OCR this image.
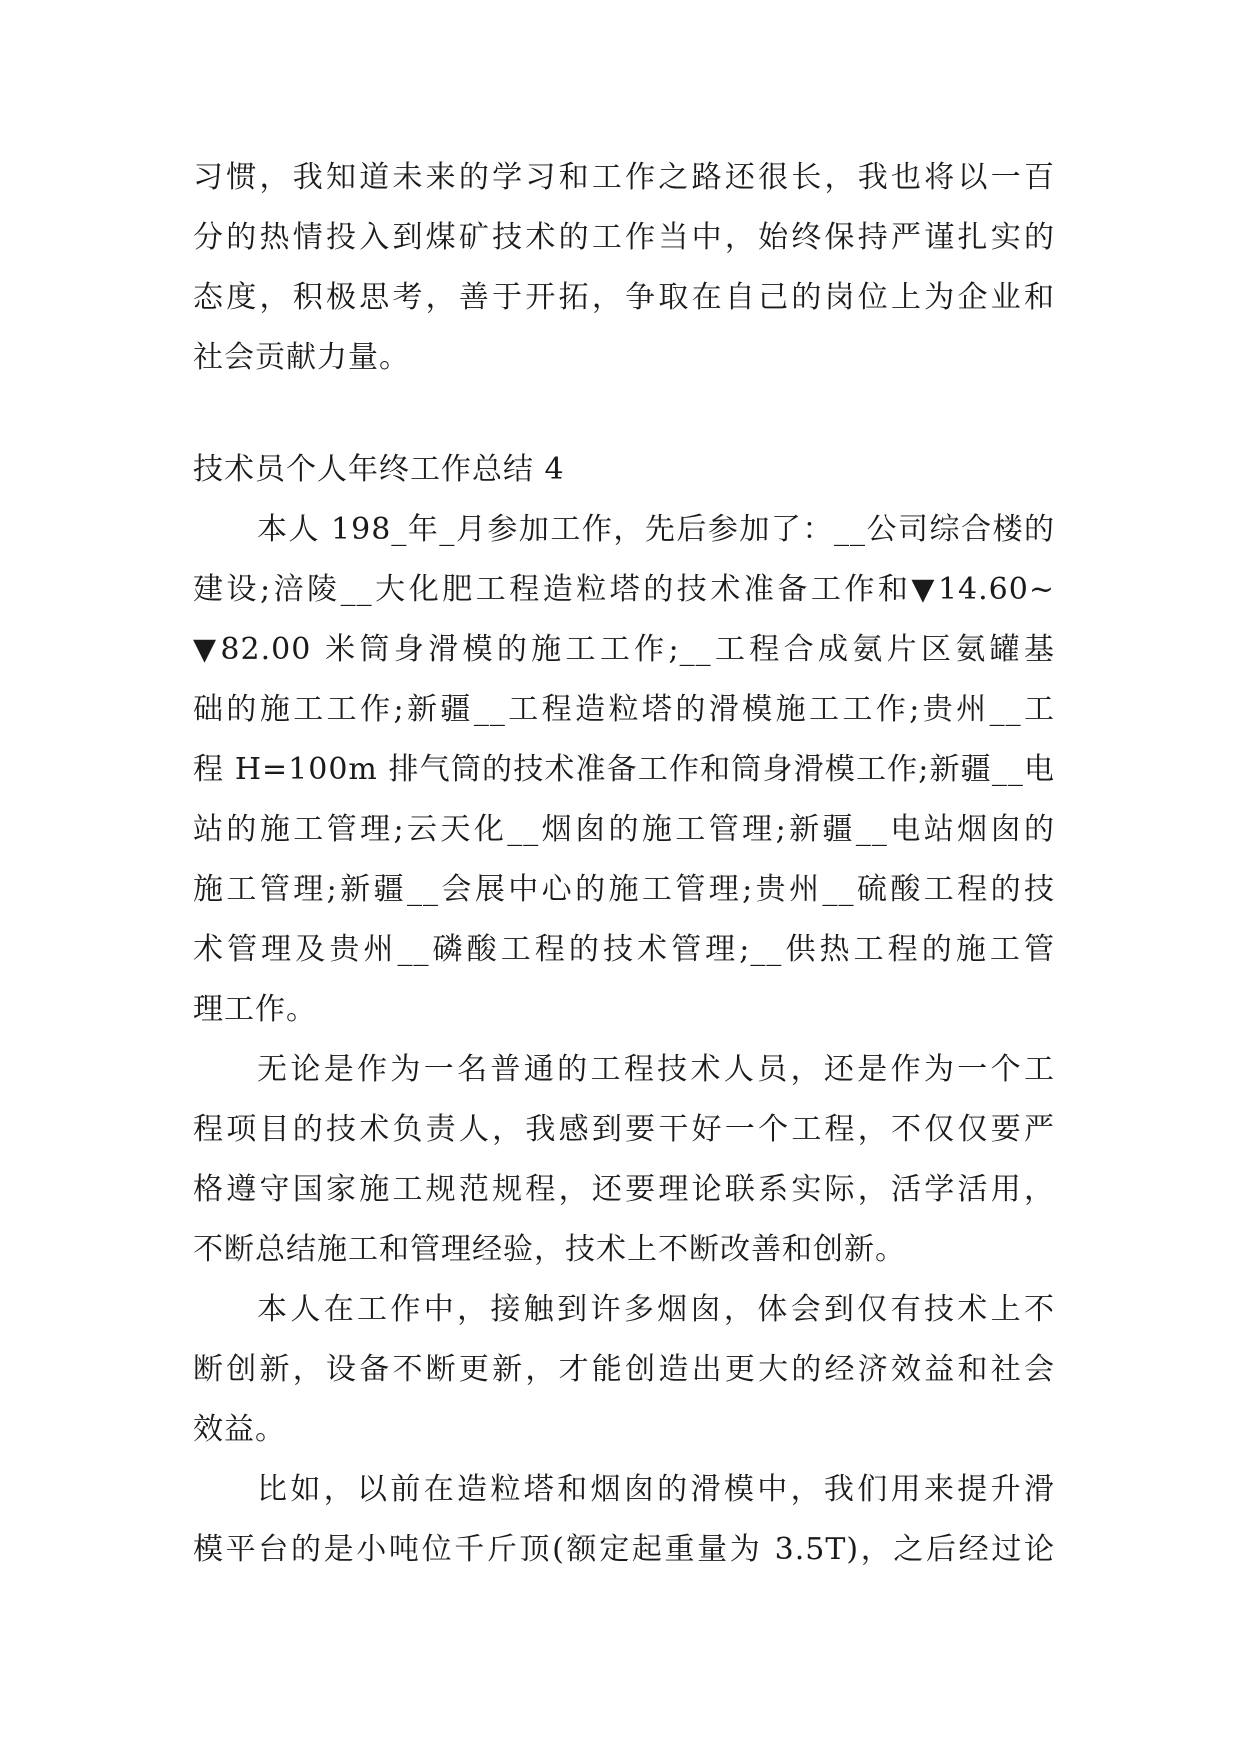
习惯，我知道未来的学习和工作之路还很长，我也将以一百
分的热情投入到煤矿技术的工作当中，始终保持严谨扎实的
态度，积极思考，善于开拓，争取在自己的岗位上为企业和
社会贡献力量。
技术员个人年终工作总结 4
本人 198_年_月参加工作，先后参加了：__公司综合楼的
建设;涪陵__大化肥工程造粒塔的技术准备工作和▼14.60~
▼82.00 米筒身滑模的施工工作;__工程合成氨片区氨罐基
础的施工工作;新疆__工程造粒塔的滑模施工工作;贵州__工
程 H=100m 排气筒的技术准备工作和筒身滑模工作;新疆__电
站的施工管理;云天化__烟囱的施工管理;新疆__电站烟囱的
施工管理;新疆__会展中心的施工管理;贵州__硫酸工程的技
术管理及贵州__磷酸工程的技术管理;__供热工程的施工管
理工作。
无论是作为一名普通的工程技术人员，还是作为一个工
程项目的技术负责人，我感到要干好一个工程，不仅仅要严
格遵守国家施工规范规程，还要理论联系实际，活学活用，
不断总结施工和管理经验，技术上不断改善和创新。
本人在工作中，接触到许多烟囱，体会到仅有技术上不
断创新，设备不断更新，才能创造出更大的经济效益和社会
效益。
比如，以前在造粒塔和烟囱的滑模中，我们用来提升滑
模平台的是小吨位千斤顶(额定起重量为 3.5T)，之后经过论
